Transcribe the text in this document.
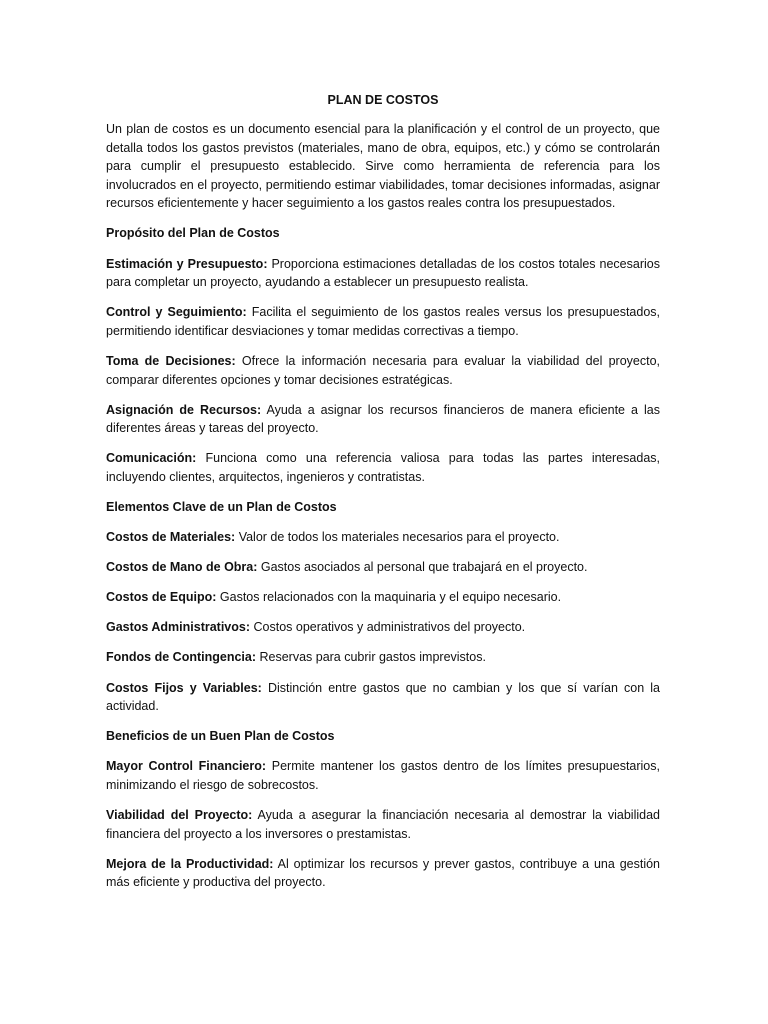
PLAN DE COSTOS

Un plan de costos es un documento esencial para la planificación y el control de un proyecto, que detalla todos los gastos previstos (materiales, mano de obra, equipos, etc.) y cómo se controlarán para cumplir el presupuesto establecido. Sirve como herramienta de referencia para los involucrados en el proyecto, permitiendo estimar viabilidades, tomar decisiones informadas, asignar recursos eficientemente y hacer seguimiento a los gastos reales contra los presupuestados.

Propósito del Plan de Costos

Estimación y Presupuesto: Proporciona estimaciones detalladas de los costos totales necesarios para completar un proyecto, ayudando a establecer un presupuesto realista.

Control y Seguimiento: Facilita el seguimiento de los gastos reales versus los presupuestados, permitiendo identificar desviaciones y tomar medidas correctivas a tiempo.

Toma de Decisiones: Ofrece la información necesaria para evaluar la viabilidad del proyecto, comparar diferentes opciones y tomar decisiones estratégicas.

Asignación de Recursos: Ayuda a asignar los recursos financieros de manera eficiente a las diferentes áreas y tareas del proyecto.

Comunicación: Funciona como una referencia valiosa para todas las partes interesadas, incluyendo clientes, arquitectos, ingenieros y contratistas.

Elementos Clave de un Plan de Costos

Costos de Materiales: Valor de todos los materiales necesarios para el proyecto.

Costos de Mano de Obra: Gastos asociados al personal que trabajará en el proyecto.

Costos de Equipo: Gastos relacionados con la maquinaria y el equipo necesario.

Gastos Administrativos: Costos operativos y administrativos del proyecto.

Fondos de Contingencia: Reservas para cubrir gastos imprevistos.

Costos Fijos y Variables: Distinción entre gastos que no cambian y los que sí varían con la actividad.

Beneficios de un Buen Plan de Costos

Mayor Control Financiero: Permite mantener los gastos dentro de los límites presupuestarios, minimizando el riesgo de sobrecostos.

Viabilidad del Proyecto: Ayuda a asegurar la financiación necesaria al demostrar la viabilidad financiera del proyecto a los inversores o prestamistas.

Mejora de la Productividad: Al optimizar los recursos y prever gastos, contribuye a una gestión más eficiente y productiva del proyecto.
